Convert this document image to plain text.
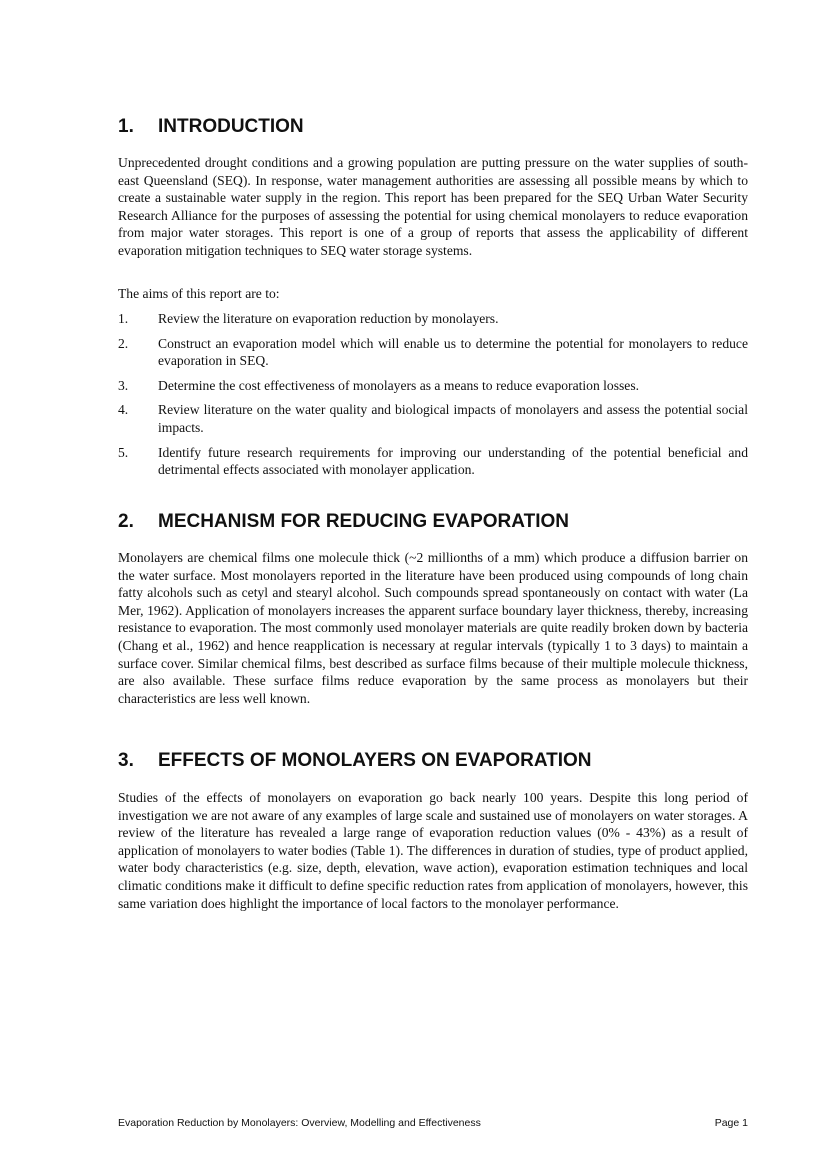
1. INTRODUCTION

Unprecedented drought conditions and a growing population are putting pressure on the water supplies of south-east Queensland (SEQ). In response, water management authorities are assessing all possible means by which to create a sustainable water supply in the region. This report has been prepared for the SEQ Urban Water Security Research Alliance for the purposes of assessing the potential for using chemical monolayers to reduce evaporation from major water storages. This report is one of a group of reports that assess the applicability of different evaporation mitigation techniques to SEQ water storage systems.

The aims of this report are to:

1. Review the literature on evaporation reduction by monolayers.
2. Construct an evaporation model which will enable us to determine the potential for monolayers to reduce evaporation in SEQ.
3. Determine the cost effectiveness of monolayers as a means to reduce evaporation losses.
4. Review literature on the water quality and biological impacts of monolayers and assess the potential social impacts.
5. Identify future research requirements for improving our understanding of the potential beneficial and detrimental effects associated with monolayer application.
2. MECHANISM FOR REDUCING EVAPORATION

Monolayers are chemical films one molecule thick (~2 millionths of a mm) which produce a diffusion barrier on the water surface. Most monolayers reported in the literature have been produced using compounds of long chain fatty alcohols such as cetyl and stearyl alcohol. Such compounds spread spontaneously on contact with water (La Mer, 1962). Application of monolayers increases the apparent surface boundary layer thickness, thereby, increasing resistance to evaporation. The most commonly used monolayer materials are quite readily broken down by bacteria (Chang et al., 1962) and hence reapplication is necessary at regular intervals (typically 1 to 3 days) to maintain a surface cover. Similar chemical films, best described as surface films because of their multiple molecule thickness, are also available. These surface films reduce evaporation by the same process as monolayers but their characteristics are less well known.

3. EFFECTS OF MONOLAYERS ON EVAPORATION

Studies of the effects of monolayers on evaporation go back nearly 100 years. Despite this long period of investigation we are not aware of any examples of large scale and sustained use of monolayers on water storages. A review of the literature has revealed a large range of evaporation reduction values (0% - 43%) as a result of application of monolayers to water bodies (Table 1). The differences in duration of studies, type of product applied, water body characteristics (e.g. size, depth, elevation, wave action), evaporation estimation techniques and local climatic conditions make it difficult to define specific reduction rates from application of monolayers, however, this same variation does highlight the importance of local factors to the monolayer performance.

Evaporation Reduction by Monolayers: Overview, Modelling and Effectiveness	Page 1
